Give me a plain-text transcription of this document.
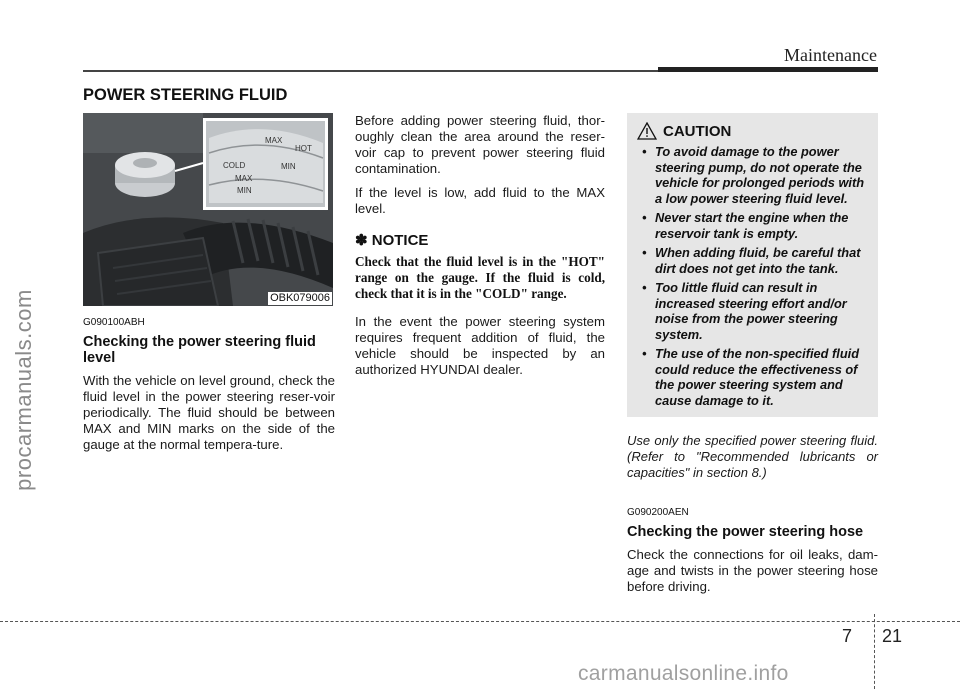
procarmanuals.com
Maintenance
POWER STEERING FLUID
MAX
HOT
COLD	MIN
MAX
MIN
OBK079006
G090100ABH
Checking the power steering fluid level

With the vehicle on level ground, check the fluid level in the power steering reser-voir periodically. The fluid should be between MAX and MIN marks on the side of the gauge at the normal tempera-ture.

Before adding power steering fluid, thor-oughly clean the area around the reser-voir cap to prevent power steering fluid contamination.

If the level is low, add fluid to the MAX level.

✽ NOTICE
Check that the fluid level is in the "HOT" range on the gauge. If the fluid is cold, check that it is in the "COLD" range.

In the event the power steering system requires frequent addition of fluid, the vehicle should be inspected by an authorized HYUNDAI dealer.

CAUTION
• To avoid damage to the power steering pump, do not operate the vehicle for prolonged periods with a low power steering fluid level.
• Never start the engine when the reservoir tank is empty.
• When adding fluid, be careful that dirt does not get into the tank.
• Too little fluid can result in increased steering effort and/or noise from the power steering system.
• The use of the non-specified fluid could reduce the effectiveness of the power steering system and cause damage to it.

Use only the specified power steering fluid. (Refer to "Recommended lubricants or capacities" in section 8.)

G090200AEN
Checking the power steering hose

Check the connections for oil leaks, dam-age and twists in the power steering hose before driving.

7 21
carmanualsonline.info
